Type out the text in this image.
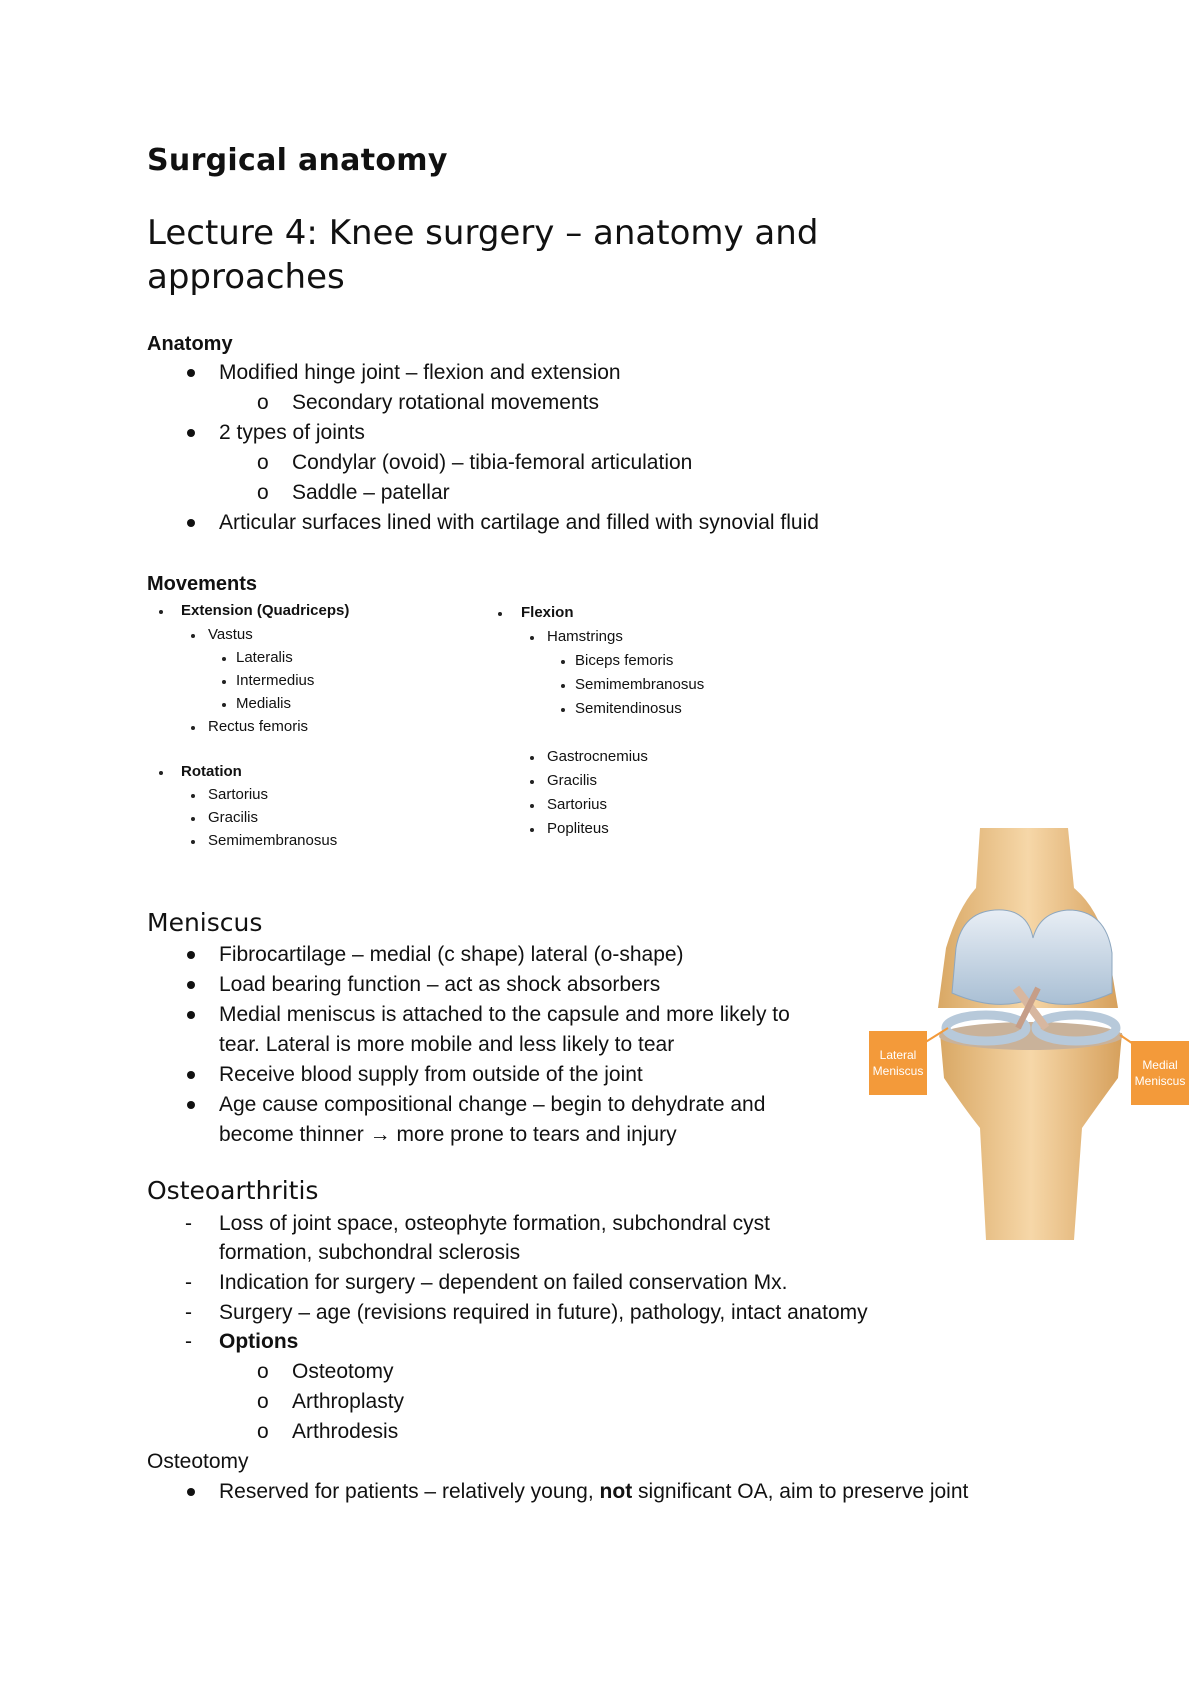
Surgical anatomy
Lecture 4: Knee surgery – anatomy and approaches
Anatomy
Modified hinge joint – flexion and extension
o Secondary rotational movements
2 types of joints
o Condylar (ovoid) – tibia-femoral articulation
o Saddle – patellar
Articular surfaces lined with cartilage and filled with synovial fluid
Movements
Extension (Quadriceps)
Vastus
Lateralis
Intermedius
Medialis
Rectus femoris
Rotation
Sartorius
Gracilis
Semimembranosus
Flexion
Hamstrings
Biceps femoris
Semimembranosus
Semitendinosus
Gastrocnemius
Gracilis
Sartorius
Popliteus
Meniscus
Fibrocartilage – medial (c shape) lateral (o-shape)
Load bearing function – act as shock absorbers
Medial meniscus is attached to the capsule and more likely to
tear. Lateral is more mobile and less likely to tear
Receive blood supply from outside of the joint
Age cause compositional change – begin to dehydrate and
become thinner → more prone to tears and injury
Lateral
Meniscus	Medial
Meniscus
Osteoarthritis
- Loss of joint space, osteophyte formation, subchondral cyst
formation, subchondral sclerosis
- Indication for surgery – dependent on failed conservation Mx.
- Surgery – age (revisions required in future), pathology, intact anatomy
- Options
o Osteotomy
o Arthroplasty
o Arthrodesis
Osteotomy
Reserved for patients – relatively young, not significant OA, aim to preserve joint
